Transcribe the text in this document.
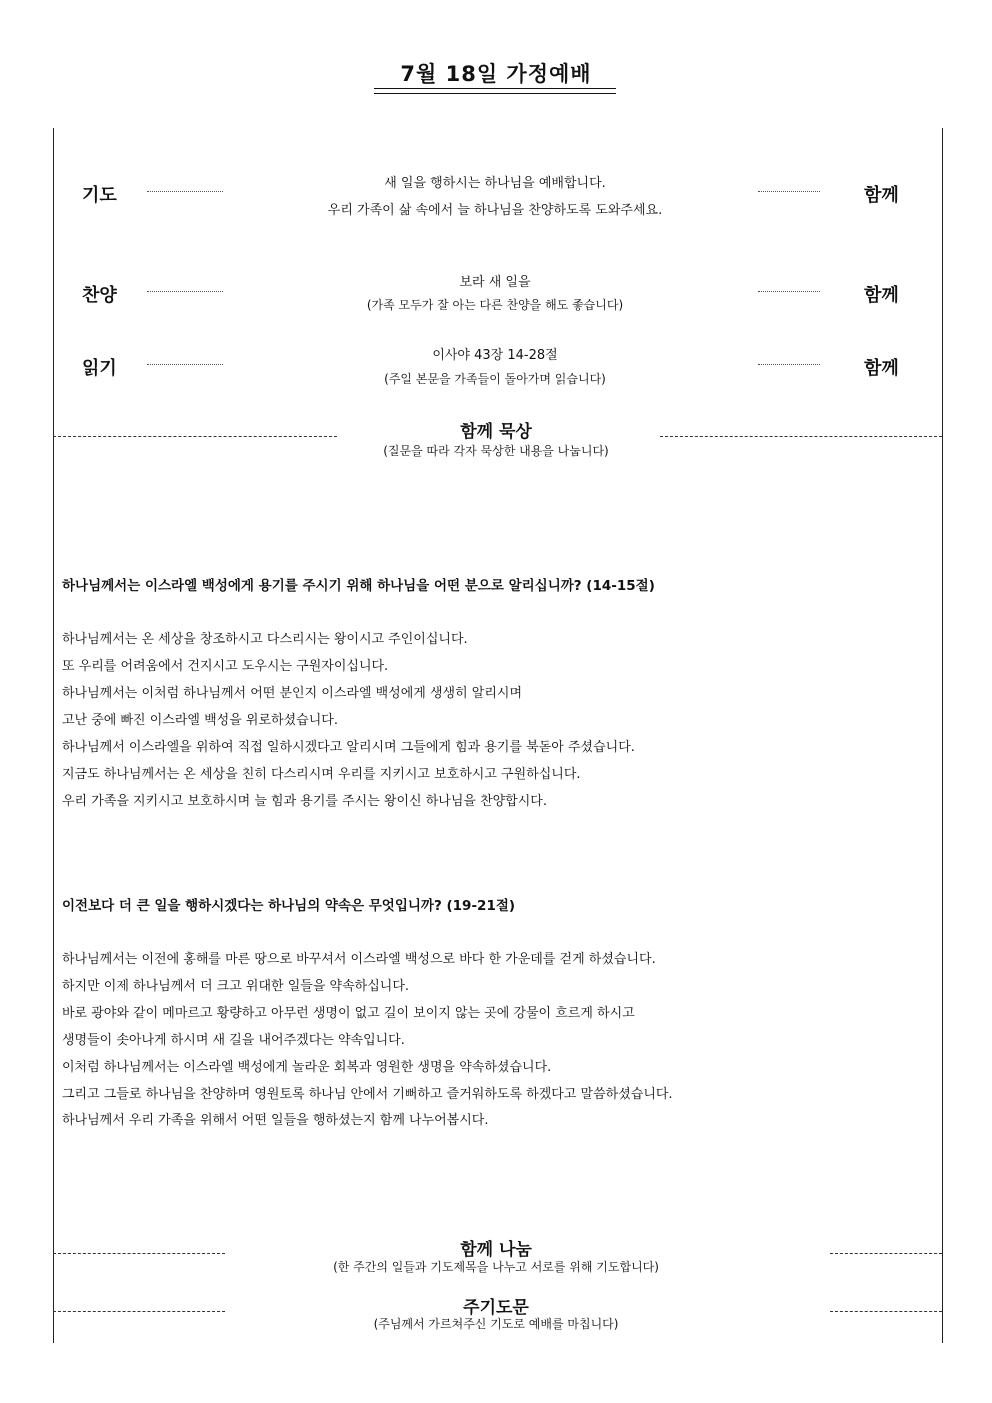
7월 18일 가정예배
기도
새 일을 행하시는 하나님을 예배합니다.
우리 가족이 삶 속에서 늘 하나님을 찬양하도록 도와주세요.
함께
찬양
보라 새 일을
(가족 모두가 잘 아는 다른 찬양을 해도 좋습니다)	함께
읽기
이사야 43장 14-28절
(주일 본문을 가족들이 돌아가며 읽습니다)	함께
함께 묵상
(질문을 따라 각자 묵상한 내용을 나눕니다)
하나님께서는 이스라엘 백성에게 용기를 주시기 위해 하나님을 어떤 분으로 알리십니까? (14-15절)
하나님께서는 온 세상을 창조하시고 다스리시는 왕이시고 주인이십니다.
또 우리를 어려움에서 건지시고 도우시는 구원자이십니다.
하나님께서는 이처럼 하나님께서 어떤 분인지 이스라엘 백성에게 생생히 알리시며
고난 중에 빠진 이스라엘 백성을 위로하셨습니다.
하나님께서 이스라엘을 위하여 직접 일하시겠다고 알리시며 그들에게 힘과 용기를 북돋아 주셨습니다.
지금도 하나님께서는 온 세상을 친히 다스리시며 우리를 지키시고 보호하시고 구원하십니다.
우리 가족을 지키시고 보호하시며 늘 힘과 용기를 주시는 왕이신 하나님을 찬양합시다.
이전보다 더 큰 일을 행하시겠다는 하나님의 약속은 무엇입니까? (19-21절)
하나님께서는 이전에 홍해를 마른 땅으로 바꾸셔서 이스라엘 백성으로 바다 한 가운데를 걷게 하셨습니다.
하지만 이제 하나님께서 더 크고 위대한 일들을 약속하십니다.
바로 광야와 같이 메마르고 황량하고 아무런 생명이 없고 길이 보이지 않는 곳에 강물이 흐르게 하시고
생명들이 솟아나게 하시며 새 길을 내어주겠다는 약속입니다.
이처럼 하나님께서는 이스라엘 백성에게 놀라운 회복과 영원한 생명을 약속하셨습니다.
그리고 그들로 하나님을 찬양하며 영원토록 하나님 안에서 기뻐하고 즐거워하도록 하겠다고 말씀하셨습니다.
하나님께서 우리 가족을 위해서 어떤 일들을 행하셨는지 함께 나누어봅시다.
함께 나눔
(한 주간의 일들과 기도제목을 나누고 서로를 위해 기도합니다)
주기도문
(주님께서 가르쳐주신 기도로 예배를 마칩니다)
